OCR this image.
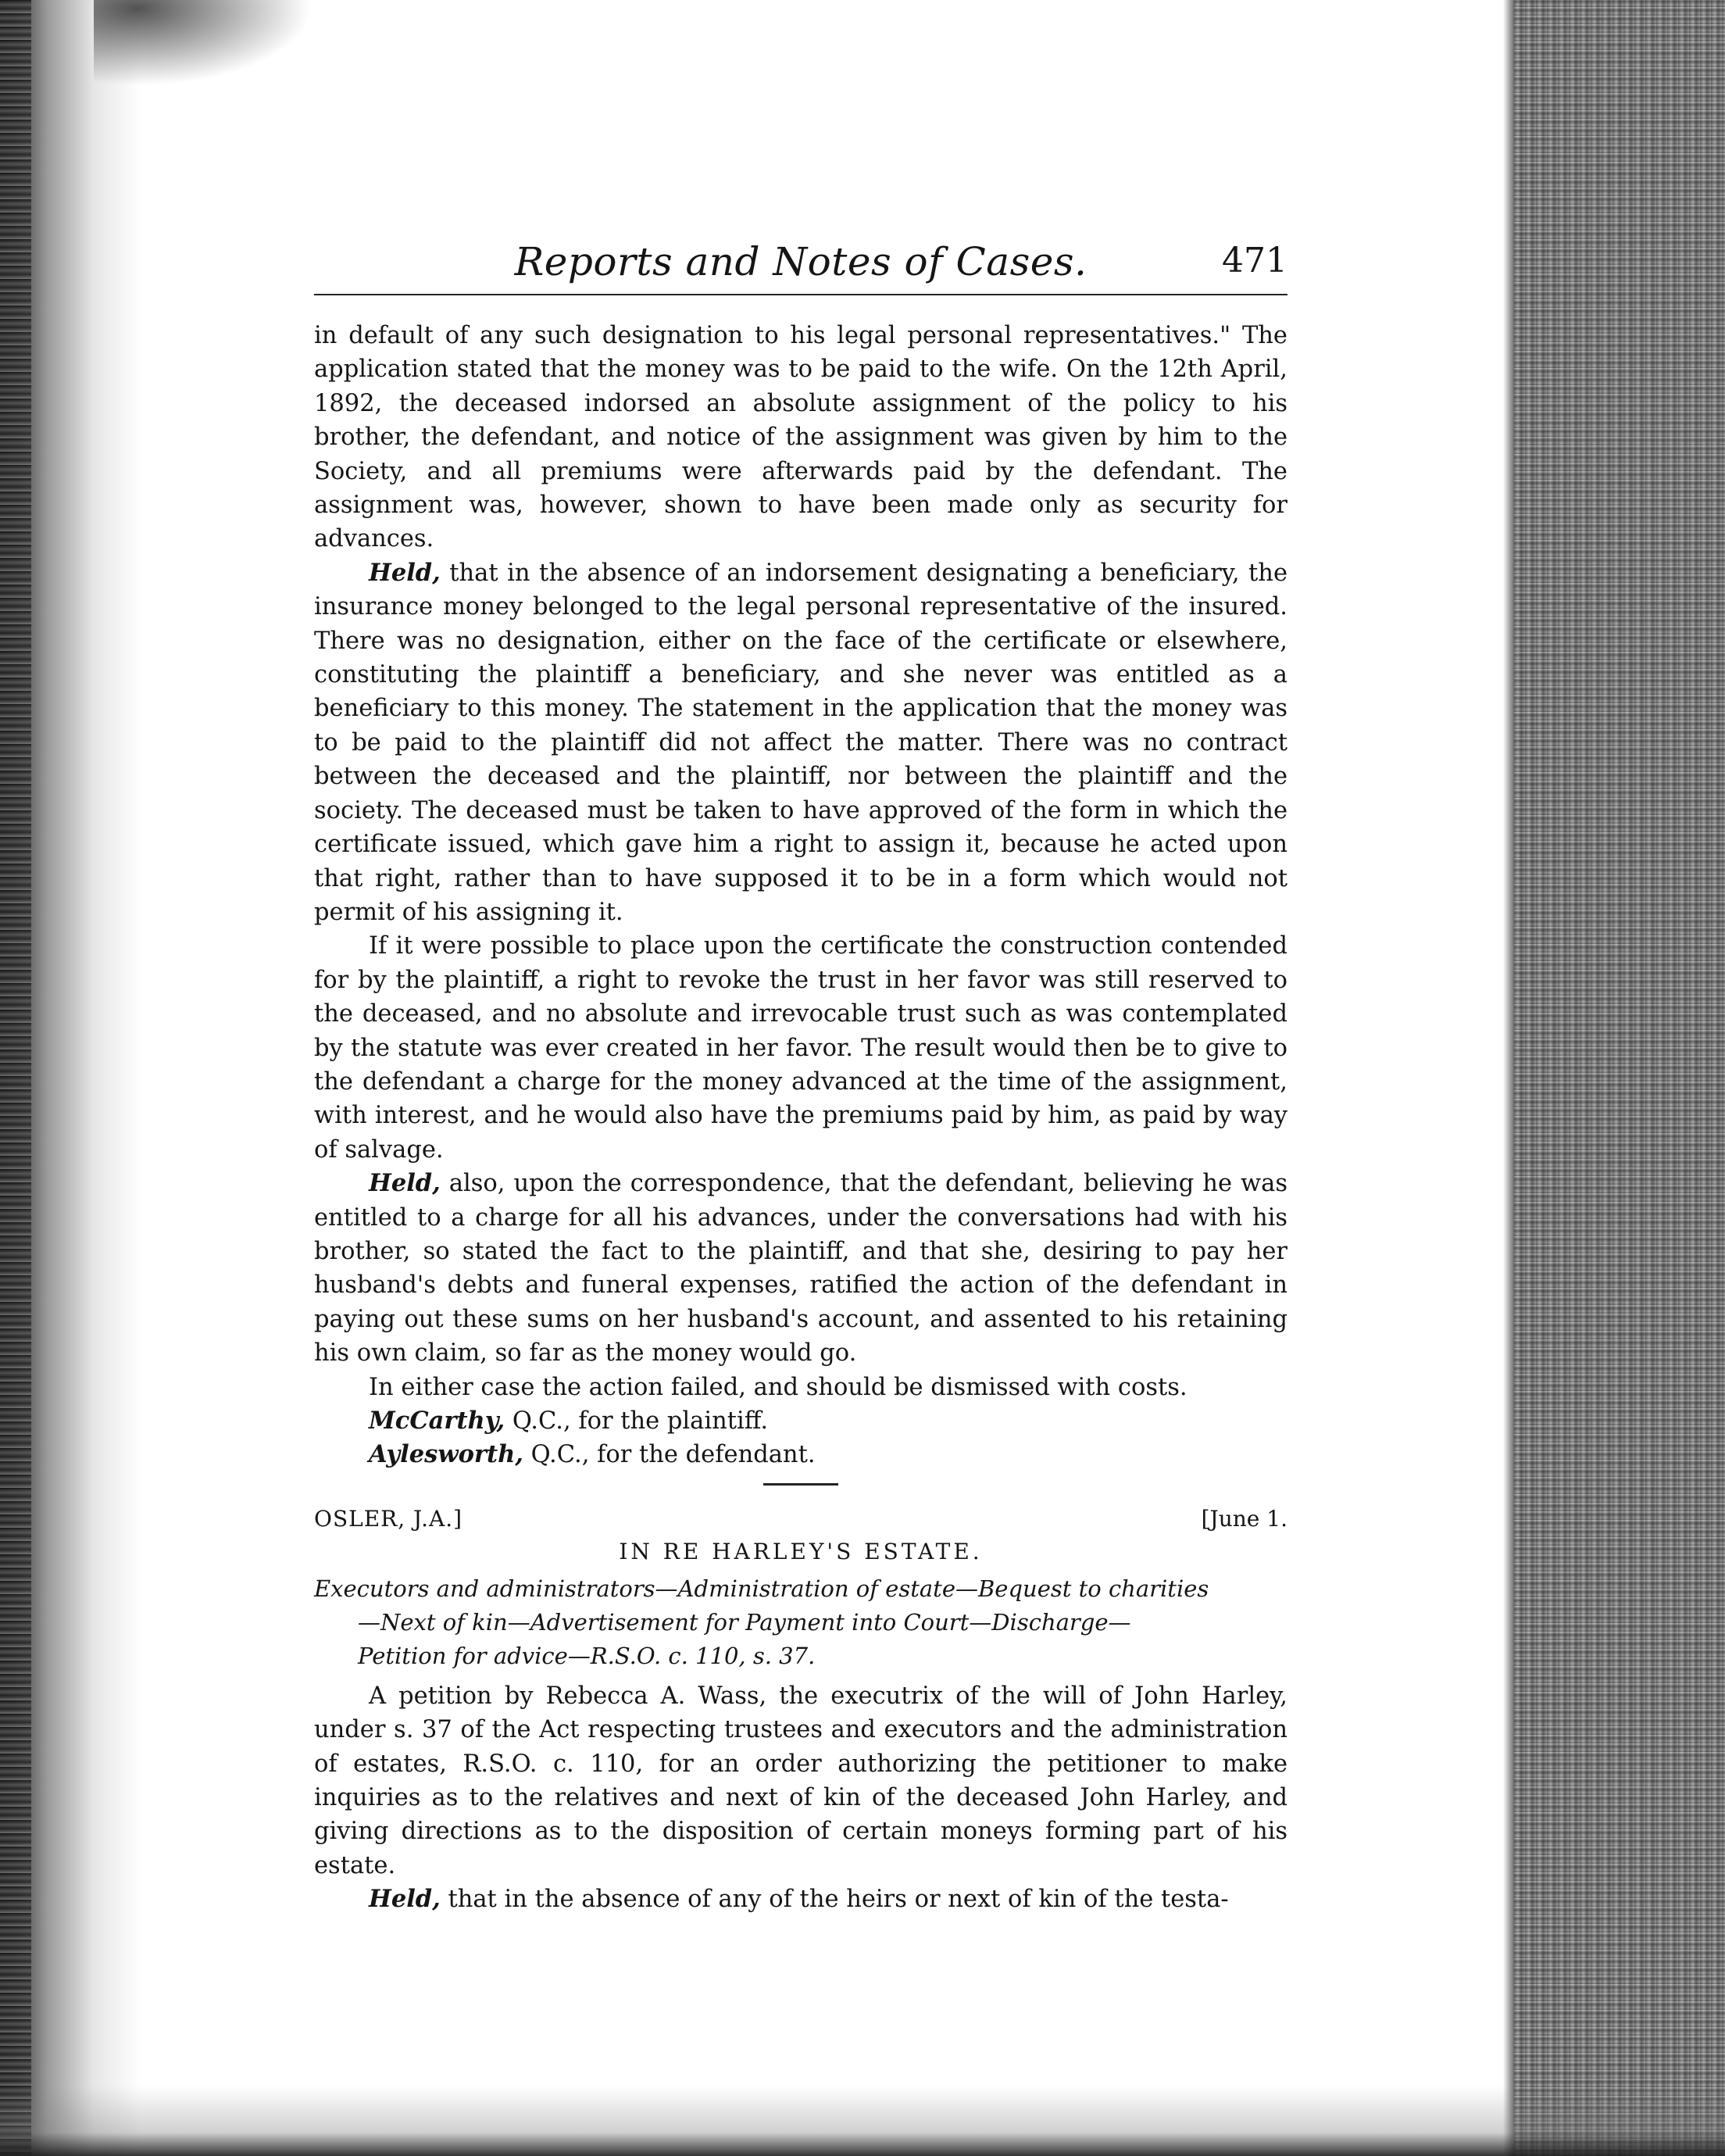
Reports and Notes of Cases.	471

in default of any such designation to his legal personal representatives." The application stated that the money was to be paid to the wife. On the 12th April, 1892, the deceased indorsed an absolute assignment of the policy to his brother, the defendant, and notice of the assignment was given by him to the Society, and all premiums were afterwards paid by the defendant. The assignment was, however, shown to have been made only as security for advances.

Held, that in the absence of an indorsement designating a beneficiary, the insurance money belonged to the legal personal representative of the insured. There was no designation, either on the face of the certificate or elsewhere, constituting the plaintiff a beneficiary, and she never was entitled as a beneficiary to this money. The statement in the application that the money was to be paid to the plaintiff did not affect the matter. There was no contract between the deceased and the plaintiff, nor between the plaintiff and the society. The deceased must be taken to have approved of the form in which the certificate issued, which gave him a right to assign it, because he acted upon that right, rather than to have supposed it to be in a form which would not permit of his assigning it.

If it were possible to place upon the certificate the construction contended for by the plaintiff, a right to revoke the trust in her favor was still reserved to the deceased, and no absolute and irrevocable trust such as was contemplated by the statute was ever created in her favor. The result would then be to give to the defendant a charge for the money advanced at the time of the assignment, with interest, and he would also have the premiums paid by him, as paid by way of salvage.

Held, also, upon the correspondence, that the defendant, believing he was entitled to a charge for all his advances, under the conversations had with his brother, so stated the fact to the plaintiff, and that she, desiring to pay her husband's debts and funeral expenses, ratified the action of the defendant in paying out these sums on her husband's account, and assented to his retaining his own claim, so far as the money would go.

In either case the action failed, and should be dismissed with costs.

McCarthy, Q.C., for the plaintiff.

Aylesworth, Q.C., for the defendant.

OSLER, J.A.]	[June 1.
IN RE HARLEY'S ESTATE.
Executors and administrators—Administration of estate—Bequest to charities
—Next of kin—Advertisement for Payment into Court—Discharge—
Petition for advice—R.S.O. c. 110, s. 37.

A petition by Rebecca A. Wass, the executrix of the will of John Harley, under s. 37 of the Act respecting trustees and executors and the administration of estates, R.S.O. c. 110, for an order authorizing the petitioner to make inquiries as to the relatives and next of kin of the deceased John Harley, and giving directions as to the disposition of certain moneys forming part of his estate.

Held, that in the absence of any of the heirs or next of kin of the testa-
